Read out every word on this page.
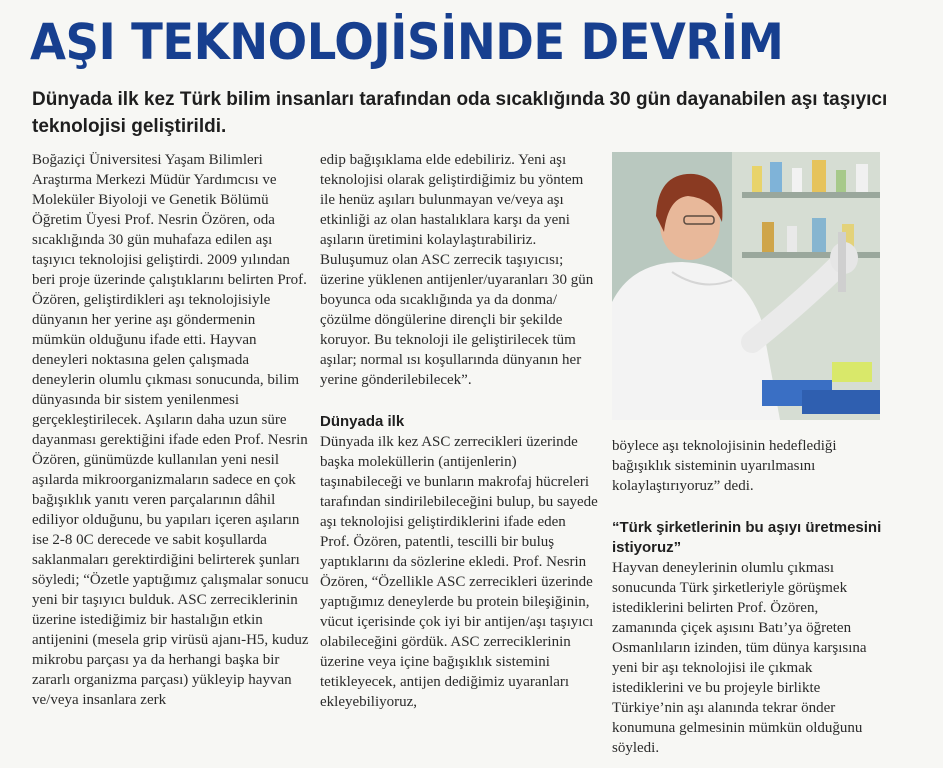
AŞI TEKNOLOJİSİNDE DEVRİM

Dünyada ilk kez Türk bilim insanları tarafından oda sıcaklığında 30 gün dayanabilen aşı taşıyıcı teknolojisi geliştirildi.

Boğaziçi Üniversitesi Yaşam Bilimleri Araştırma Merkezi Müdür Yardımcısı ve Moleküler Biyoloji ve Genetik Bölümü Öğretim Üyesi Prof. Nesrin Özören, oda sıcaklığında 30 gün muhafaza edilen aşı taşıyıcı teknolojisi geliştirdi. 2009 yılından beri proje üzerinde çalıştıklarını belirten Prof. Özören, geliştirdikleri aşı teknolojisiyle dünyanın her yerine aşı göndermenin mümkün olduğunu ifade etti. Hayvan deneyleri noktasına gelen çalışmada deneylerin olumlu çıkması sonucunda, bilim dünyasında bir sistem yenilenmesi gerçekleştirilecek. Aşıların daha uzun süre dayanması gerektiğini ifade eden Prof. Nesrin Özören, günümüzde kullanılan yeni nesil aşılarda mikroorganizmaların sadece en çok bağışıklık yanıtı veren parçalarının dâhil ediliyor olduğunu, bu yapıları içeren aşıların ise 2-8 0C derecede ve sabit koşullarda saklanmaları gerektirdiğini belirterek şunları söyledi; “Özetle yaptığımız çalışmalar sonucu yeni bir taşıyıcı bulduk. ASC zerreciklerinin üzerine istediğimiz bir hastalığın etkin antijenini (mesela grip virüsü ajanı-H5, kuduz mikrobu parçası ya da herhangi başka bir zararlı organizma parçası) yükleyip hayvan ve/veya insanlara zerk

edip bağışıklama elde edebiliriz. Yeni aşı teknolojisi olarak geliştirdiğimiz bu yöntem ile henüz aşıları bulunmayan ve/veya aşı etkinliği az olan hastalıklara karşı da yeni aşıların üretimini kolaylaştırabiliriz. Buluşumuz olan ASC zerrecik taşıyıcısı; üzerine yüklenen antijenler/uyaranları 30 gün boyunca oda sıcaklığında ya da donma/çözülme döngülerine dirençli bir şekilde koruyor. Bu teknoloji ile geliştirilecek tüm aşılar; normal ısı koşullarında dünyanın her yerine gönderilebilecek”.

Dünyada ilk

Dünyada ilk kez ASC zerrecikleri üzerinde başka moleküllerin (antijenlerin) taşınabileceği ve bunların makrofaj hücreleri tarafından sindirilebileceğini bulup, bu sayede aşı teknolojisi geliştirdiklerini ifade eden Prof. Özören, patentli, tescilli bir buluş yaptıklarını da sözlerine ekledi. Prof. Nesrin Özören, “Özellikle ASC zerrecikleri üzerinde yaptığımız deneylerde bu protein bileşiğinin, vücut içerisinde çok iyi bir antijen/aşı taşıyıcı olabileceğini gördük. ASC zerreciklerinin üzerine veya içine bağışıklık sistemini tetikleyecek, antijen dediğimiz uyaranları ekleyebiliyoruz,

böylece aşı teknolojisinin hedeflediği bağışıklık sisteminin uyarılmasını kolaylaştırıyoruz” dedi.

“Türk şirketlerinin bu aşıyı üretmesini istiyoruz”

Hayvan deneylerinin olumlu çıkması sonucunda Türk şirketleriyle görüşmek istediklerini belirten Prof. Özören, zamanında çiçek aşısını Batı’ya öğreten Osmanlıların izinden, tüm dünya karşısına yeni bir aşı teknolojisi ile çıkmak istediklerini ve bu projeyle birlikte Türkiye’nin aşı alanında tekrar önder konumuna gelmesinin mümkün olduğunu söyledi.
